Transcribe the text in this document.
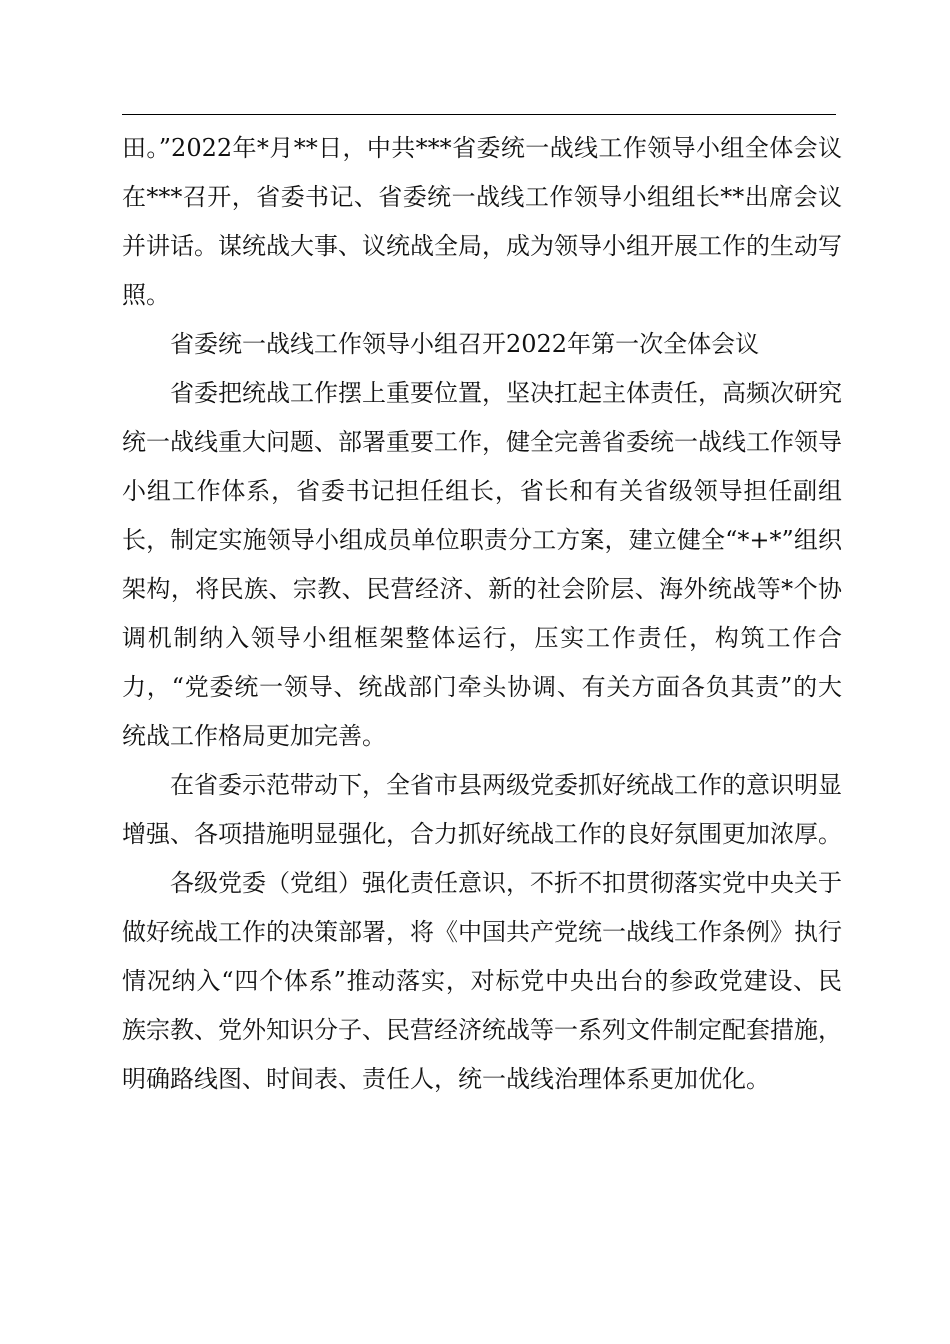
田。”2022年*月**日，中共***省委统一战线工作领导小组全体会议在***召开，省委书记、省委统一战线工作领导小组组长**出席会议并讲话。谋统战大事、议统战全局，成为领导小组开展工作的生动写照。

省委统一战线工作领导小组召开2022年第一次全体会议

省委把统战工作摆上重要位置，坚决扛起主体责任，高频次研究统一战线重大问题、部署重要工作，健全完善省委统一战线工作领导小组工作体系，省委书记担任组长，省长和有关省级领导担任副组长，制定实施领导小组成员单位职责分工方案，建立健全“*+*”组织架构，将民族、宗教、民营经济、新的社会阶层、海外统战等*个协调机制纳入领导小组框架整体运行，压实工作责任，构筑工作合力，“党委统一领导、统战部门牵头协调、有关方面各负其责”的大统战工作格局更加完善。

在省委示范带动下，全省市县两级党委抓好统战工作的意识明显增强、各项措施明显强化，合力抓好统战工作的良好氛围更加浓厚。

各级党委（党组）强化责任意识，不折不扣贯彻落实党中央关于做好统战工作的决策部署，将《中国共产党统一战线工作条例》执行情况纳入“四个体系”推动落实，对标党中央出台的参政党建设、民族宗教、党外知识分子、民营经济统战等一系列文件制定配套措施，明确路线图、时间表、责任人，统一战线治理体系更加优化。
